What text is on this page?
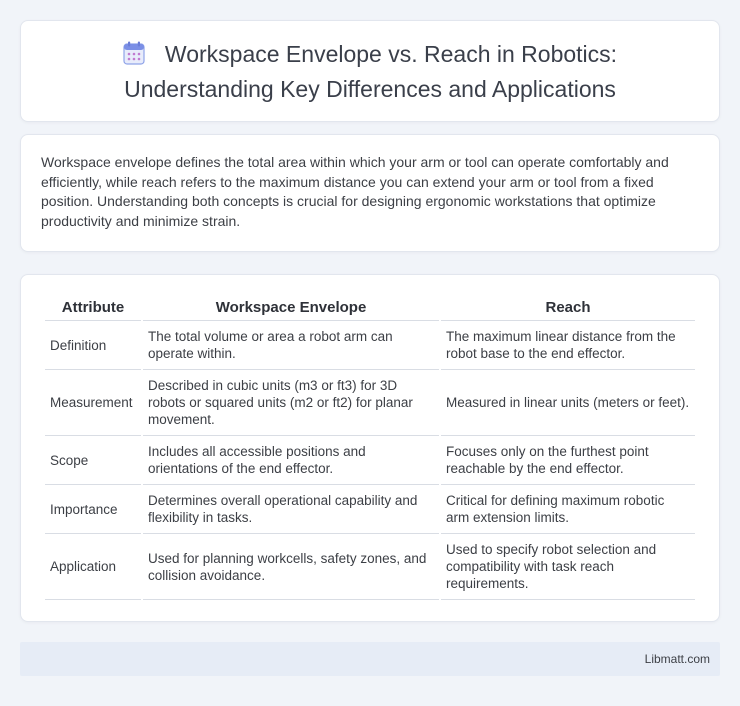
Workspace Envelope vs. Reach in Robotics:
Understanding Key Differences and Applications

Workspace envelope defines the total area within which your arm or tool can operate comfortably and efficiently, while reach refers to the maximum distance you can extend your arm or tool from a fixed position. Understanding both concepts is crucial for designing ergonomic workstations that optimize productivity and minimize strain.

Attribute	Workspace Envelope	Reach
Definition	The total volume or area a robot arm can operate within.	The maximum linear distance from the robot base to the end effector.
Measurement	Described in cubic units (m3 or ft3) for 3D robots or squared units (m2 or ft2) for planar movement.	Measured in linear units (meters or feet).
Scope	Includes all accessible positions and orientations of the end effector.	Focuses only on the furthest point reachable by the end effector.
Importance	Determines overall operational capability and flexibility in tasks.	Critical for defining maximum robotic arm extension limits.
Application	Used for planning workcells, safety zones, and collision avoidance.	Used to specify robot selection and compatibility with task reach requirements.
Libmatt.com
